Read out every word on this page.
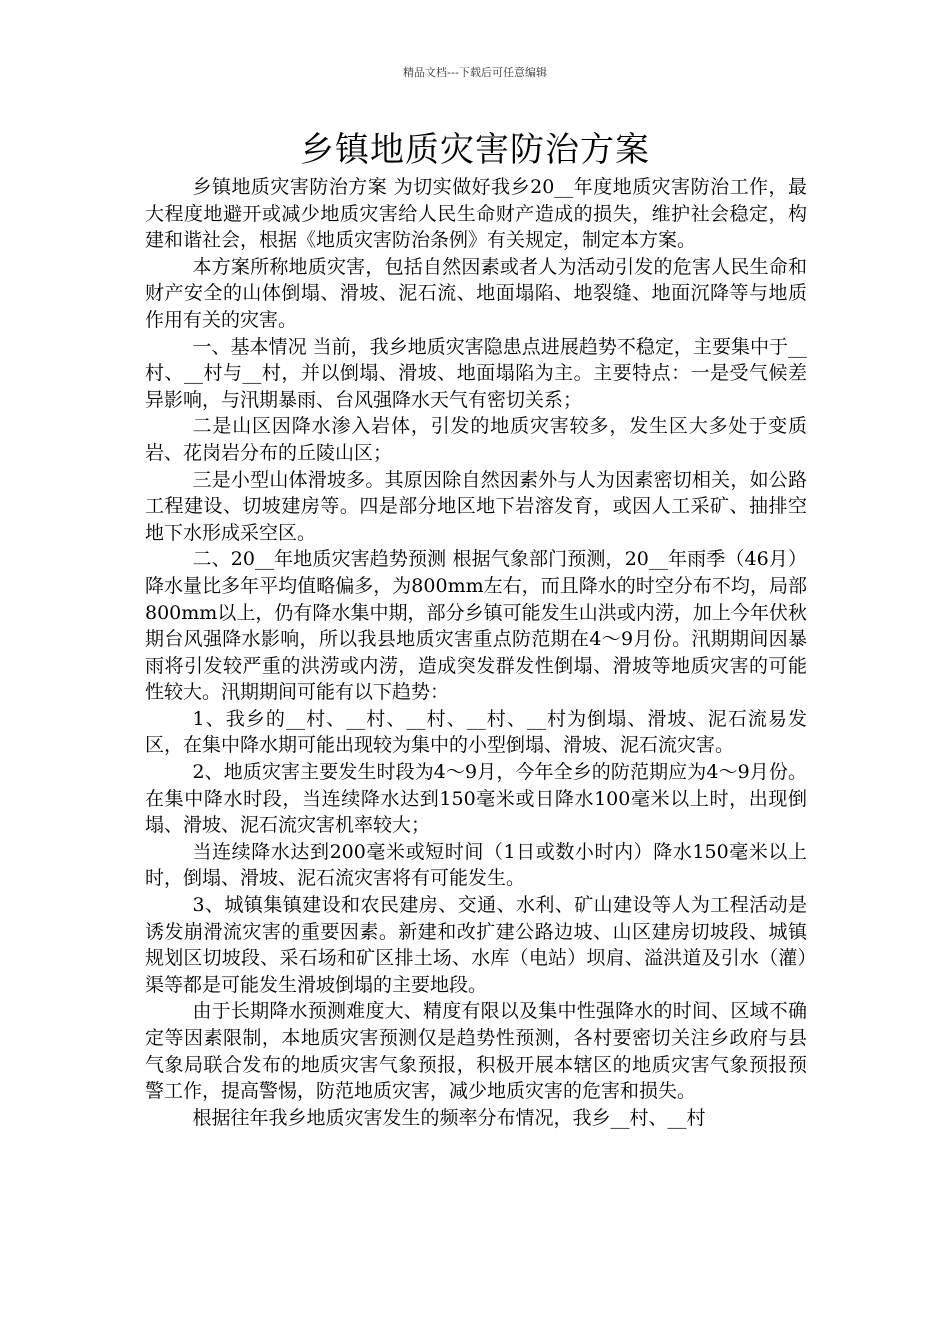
精品文档---下载后可任意编辑
乡镇地质灾害防治方案

乡镇地质灾害防治方案 为切实做好我乡20__年度地质灾害防治工作，最大程度地避开或减少地质灾害给人民生命财产造成的损失，维护社会稳定，构建和谐社会，根据《地质灾害防治条例》有关规定，制定本方案。

本方案所称地质灾害，包括自然因素或者人为活动引发的危害人民生命和财产安全的山体倒塌、滑坡、泥石流、地面塌陷、地裂缝、地面沉降等与地质作用有关的灾害。

一、基本情况 当前，我乡地质灾害隐患点进展趋势不稳定，主要集中于__村、__村与__村，并以倒塌、滑坡、地面塌陷为主。主要特点：一是受气候差异影响，与汛期暴雨、台风强降水天气有密切关系；

二是山区因降水渗入岩体，引发的地质灾害较多，发生区大多处于变质岩、花岗岩分布的丘陵山区；

三是小型山体滑坡多。其原因除自然因素外与人为因素密切相关，如公路工程建设、切坡建房等。四是部分地区地下岩溶发育，或因人工采矿、抽排空地下水形成采空区。

二、20__年地质灾害趋势预测 根据气象部门预测，20__年雨季（46月）降水量比多年平均值略偏多，为800mm左右，而且降水的时空分布不均，局部800mm以上，仍有降水集中期，部分乡镇可能发生山洪或内涝，加上今年伏秋期台风强降水影响，所以我县地质灾害重点防范期在4～9月份。汛期期间因暴雨将引发较严重的洪涝或内涝，造成突发群发性倒塌、滑坡等地质灾害的可能性较大。汛期期间可能有以下趋势：

1、我乡的__村、__村、__村、__村、__村为倒塌、滑坡、泥石流易发区，在集中降水期可能出现较为集中的小型倒塌、滑坡、泥石流灾害。

2、地质灾害主要发生时段为4～9月，今年全乡的防范期应为4～9月份。在集中降水时段，当连续降水达到150毫米或日降水100毫米以上时，出现倒塌、滑坡、泥石流灾害机率较大；

当连续降水达到200毫米或短时间（1日或数小时内）降水150毫米以上时，倒塌、滑坡、泥石流灾害将有可能发生。

3、城镇集镇建设和农民建房、交通、水利、矿山建设等人为工程活动是诱发崩滑流灾害的重要因素。新建和改扩建公路边坡、山区建房切坡段、城镇规划区切坡段、采石场和矿区排土场、水库（电站）坝肩、溢洪道及引水（灌）渠等都是可能发生滑坡倒塌的主要地段。

由于长期降水预测难度大、精度有限以及集中性强降水的时间、区域不确定等因素限制，本地质灾害预测仅是趋势性预测，各村要密切关注乡政府与县气象局联合发布的地质灾害气象预报，积极开展本辖区的地质灾害气象预报预警工作，提高警惕，防范地质灾害，减少地质灾害的危害和损失。

根据往年我乡地质灾害发生的频率分布情况，我乡__村、__村
